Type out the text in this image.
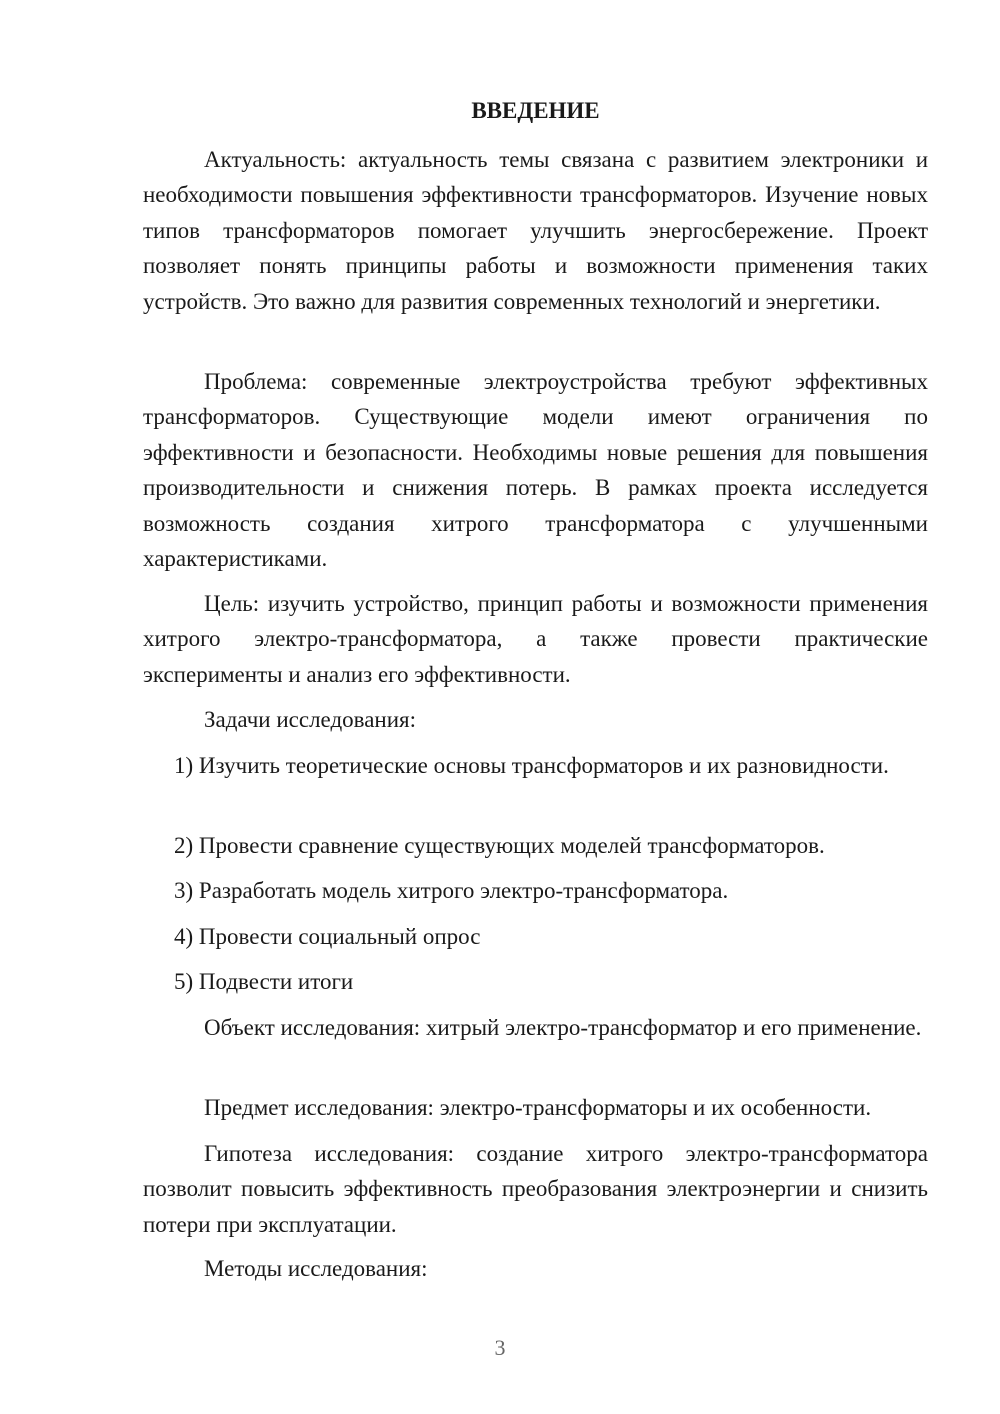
ВВЕДЕНИЕ

Актуальность: актуальность темы связана с развитием электроники и необходимости повышения эффективности трансформаторов. Изучение новых типов трансформаторов помогает улучшить энергосбережение. Проект позволяет понять принципы работы и возможности применения таких устройств. Это важно для развития современных технологий и энергетики.

Проблема: современные электроустройства требуют эффективных трансформаторов. Существующие модели имеют ограничения по эффективности и безопасности. Необходимы новые решения для повышения производительности и снижения потерь. В рамках проекта исследуется возможность создания хитрого трансформатора с улучшенными характеристиками.

Цель: изучить устройство, принцип работы и возможности применения хитрого электро-трансформатора, а также провести практические эксперименты и анализ его эффективности.

Задачи исследования:

1) Изучить теоретические основы трансформаторов и их разновидности.

2) Провести сравнение существующих моделей трансформаторов.

3) Разработать модель хитрого электро-трансформатора.

4) Провести социальный опрос

5) Подвести итоги

Объект исследования: хитрый электро-трансформатор и его применение.

Предмет исследования: электро-трансформаторы и их особенности.

Гипотеза исследования: создание хитрого электро-трансформатора позволит повысить эффективность преобразования электроэнергии и снизить потери при эксплуатации.

Методы исследования:

3
